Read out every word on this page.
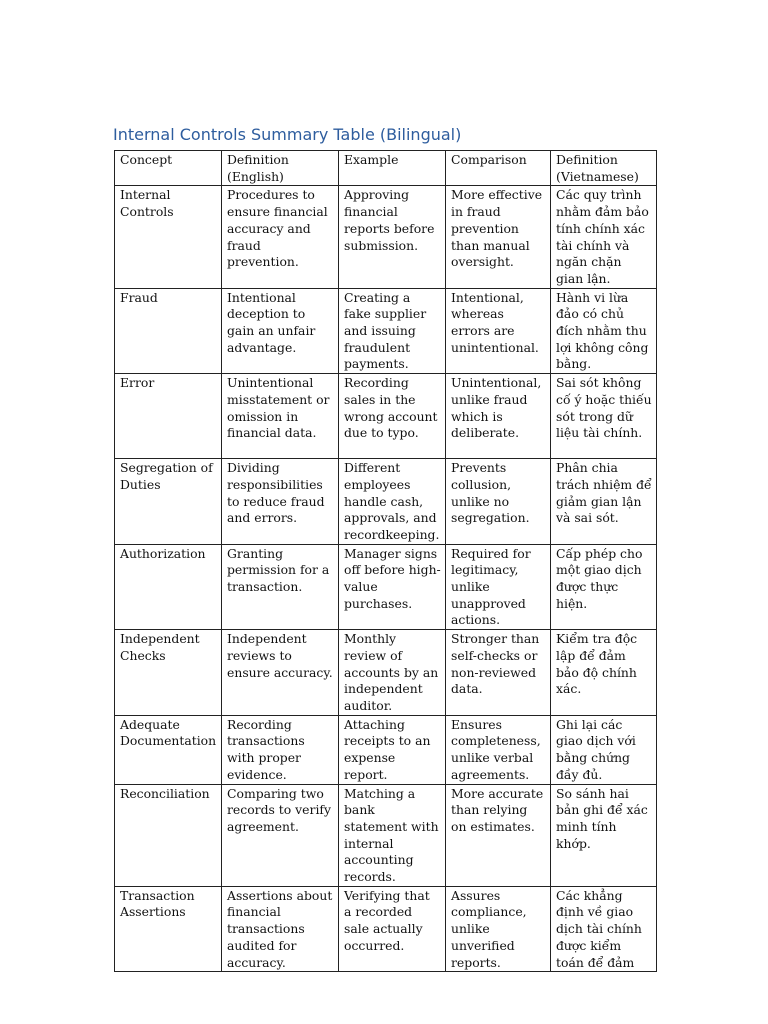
Internal Controls Summary Table (Bilingual)
Concept	Definition (English)	Example	Comparison	Definition (Vietnamese)
Internal Controls	Procedures to ensure financial accuracy and fraud prevention.	Approving financial reports before submission.	More effective in fraud prevention than manual oversight.	Các quy trình nhằm đảm bảo tính chính xác tài chính và ngăn chặn gian lận.
Fraud	Intentional deception to gain an unfair advantage.	Creating a fake supplier and issuing fraudulent payments.	Intentional, whereas errors are unintentional.	Hành vi lừa đảo có chủ đích nhằm thu lợi không công bằng.
Error	Unintentional misstatement or omission in financial data.	Recording sales in the wrong account due to typo.	Unintentional, unlike fraud which is deliberate.	Sai sót không cố ý hoặc thiếu sót trong dữ liệu tài chính.
Segregation of Duties	Dividing responsibilities to reduce fraud and errors.	Different employees handle cash, approvals, and recordkeeping.	Prevents collusion, unlike no segregation.	Phân chia trách nhiệm để giảm gian lận và sai sót.
Authorization	Granting permission for a transaction.	Manager signs off before high-value purchases.	Required for legitimacy, unlike unapproved actions.	Cấp phép cho một giao dịch được thực hiện.
Independent Checks	Independent reviews to ensure accuracy.	Monthly review of accounts by an independent auditor.	Stronger than self-checks or non-reviewed data.	Kiểm tra độc lập để đảm bảo độ chính xác.
Adequate Documentation	Recording transactions with proper evidence.	Attaching receipts to an expense report.	Ensures completeness, unlike verbal agreements.	Ghi lại các giao dịch với bằng chứng đầy đủ.
Reconciliation	Comparing two records to verify agreement.	Matching a bank statement with internal accounting records.	More accurate than relying on estimates.	So sánh hai bản ghi để xác minh tính khớp.
Transaction Assertions	Assertions about financial transactions audited for accuracy.	Verifying that a recorded sale actually occurred.	Assures compliance, unlike unverified reports.	Các khẳng định về giao dịch tài chính được kiểm toán để đảm
